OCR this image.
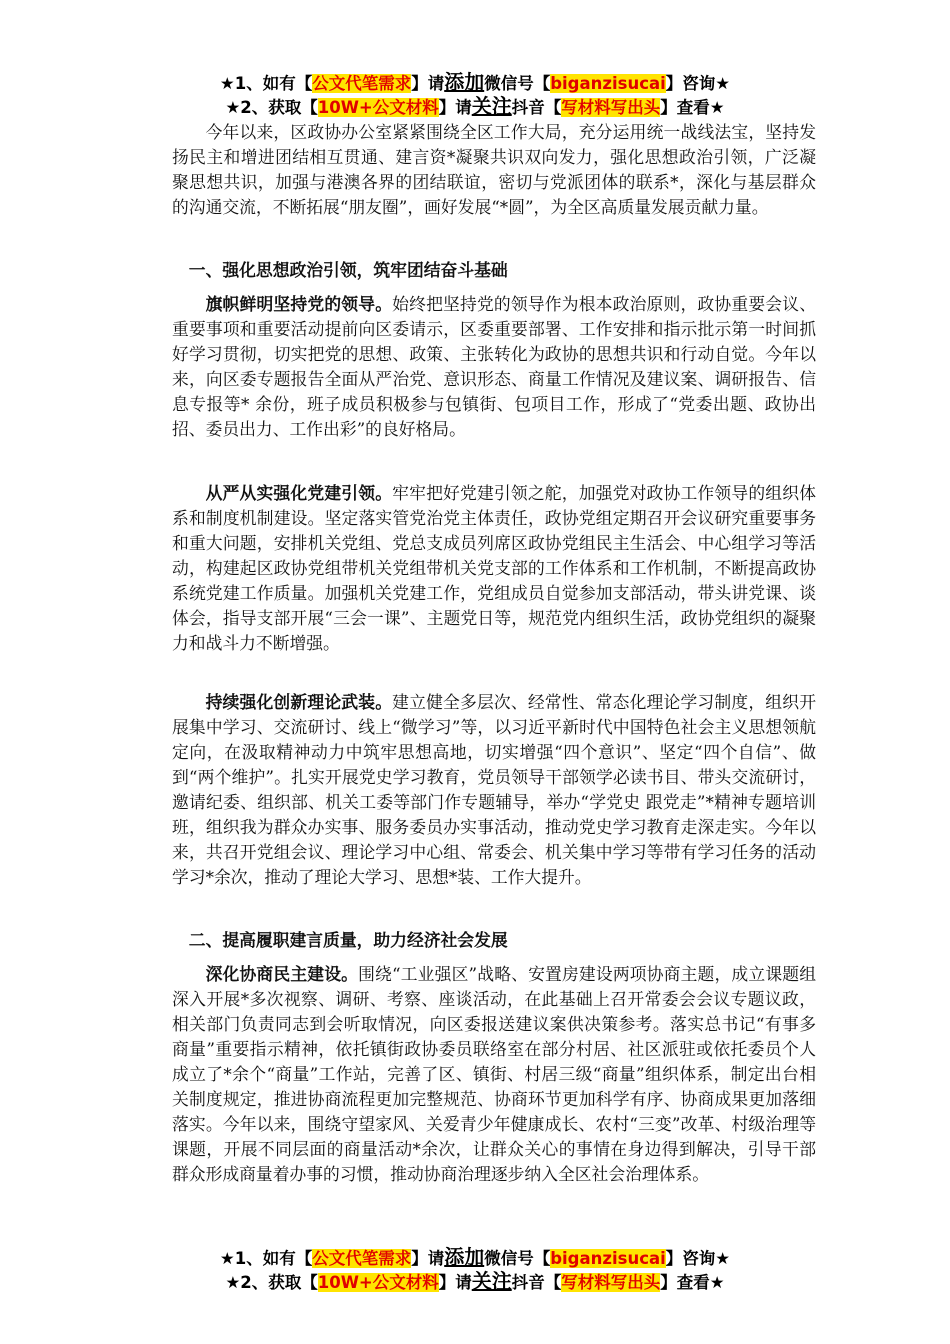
★1、如有【公文代笔需求】请添加微信号【biganzisucai】咨询★
★2、获取【10W+公文材料】请关注抖音【写材料写出头】查看★

今年以来，区政协办公室紧紧围绕全区工作大局，充分运用统一战线法宝，坚持发扬民主和增进团结相互贯通、建言资*凝聚共识双向发力，强化思想政治引领，广泛凝聚思想共识，加强与港澳各界的团结联谊，密切与党派团体的联系*，深化与基层群众的沟通交流，不断拓展“朋友圈”，画好发展“*圆”，为全区高质量发展贡献力量。

一、强化思想政治引领，筑牢团结奋斗基础

旗帜鲜明坚持党的领导。始终把坚持党的领导作为根本政治原则，政协重要会议、重要事项和重要活动提前向区委请示，区委重要部署、工作安排和指示批示第一时间抓好学习贯彻，切实把党的思想、政策、主张转化为政协的思想共识和行动自觉。今年以来，向区委专题报告全面从严治党、意识形态、商量工作情况及建议案、调研报告、信息专报等* 余份，班子成员积极参与包镇街、包项目工作，形成了“党委出题、政协出招、委员出力、工作出彩”的良好格局。

从严从实强化党建引领。牢牢把好党建引领之舵，加强党对政协工作领导的组织体系和制度机制建设。坚定落实管党治党主体责任，政协党组定期召开会议研究重要事务和重大问题，安排机关党组、党总支成员列席区政协党组民主生活会、中心组学习等活动，构建起区政协党组带机关党组带机关党支部的工作体系和工作机制，不断提高政协系统党建工作质量。加强机关党建工作，党组成员自觉参加支部活动，带头讲党课、谈体会，指导支部开展“三会一课”、主题党日等，规范党内组织生活，政协党组织的凝聚力和战斗力不断增强。

持续强化创新理论武装。建立健全多层次、经常性、常态化理论学习制度，组织开展集中学习、交流研讨、线上“微学习”等，以习近平新时代中国特色社会主义思想领航定向，在汲取精神动力中筑牢思想高地，切实增强“四个意识”、坚定“四个自信”、做到“两个维护”。扎实开展党史学习教育，党员领导干部领学必读书目、带头交流研讨，邀请纪委、组织部、机关工委等部门作专题辅导，举办“学党史 跟党走”*精神专题培训班，组织我为群众办实事、服务委员办实事活动，推动党史学习教育走深走实。今年以来，共召开党组会议、理论学习中心组、常委会、机关集中学习等带有学习任务的活动学习*余次，推动了理论大学习、思想*装、工作大提升。

二、提高履职建言质量，助力经济社会发展

深化协商民主建设。围绕“工业强区”战略、安置房建设两项协商主题，成立课题组深入开展*多次视察、调研、考察、座谈活动，在此基础上召开常委会会议专题议政，相关部门负责同志到会听取情况，向区委报送建议案供决策参考。落实总书记“有事多商量”重要指示精神，依托镇街政协委员联络室在部分村居、社区派驻或依托委员个人成立了*余个“商量”工作站，完善了区、镇街、村居三级“商量”组织体系，制定出台相关制度规定，推进协商流程更加完整规范、协商环节更加科学有序、协商成果更加落细落实。今年以来，围绕守望家风、关爱青少年健康成长、农村“三变”改革、村级治理等课题，开展不同层面的商量活动*余次，让群众关心的事情在身边得到解决，引导干部群众形成商量着办事的习惯，推动协商治理逐步纳入全区社会治理体系。

★1、如有【公文代笔需求】请添加微信号【biganzisucai】咨询★
★2、获取【10W+公文材料】请关注抖音【写材料写出头】查看★
